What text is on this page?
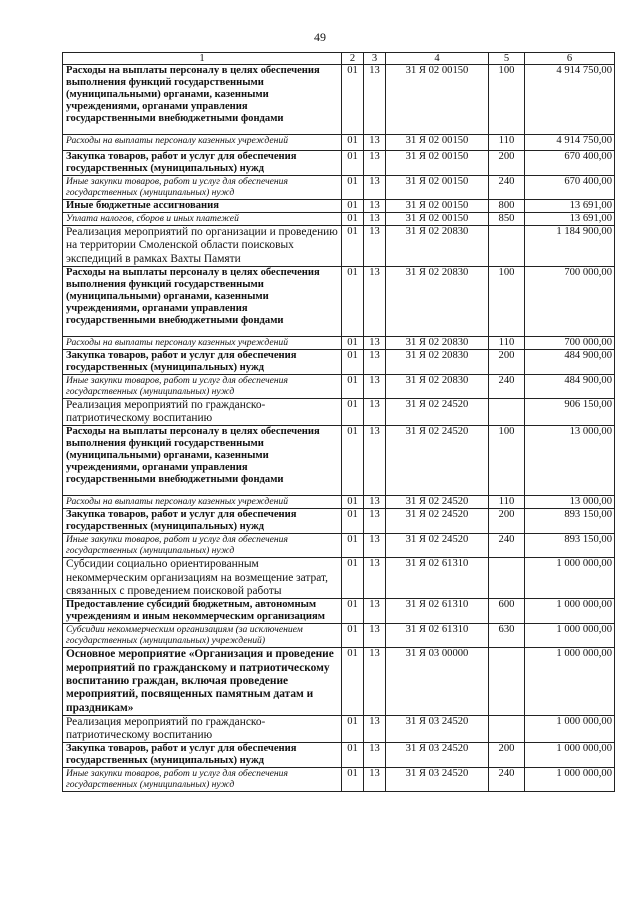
49
1	2	3	4	5	6
Расходы на выплаты персоналу в целях обеспечения выполнения функций государственными (муниципальными) органами, казенными учреждениями, органами управления государственными внебюджетными фондами	01	13	31 Я 02 00150	100	4 914 750,00
Расходы на выплаты персоналу казенных учреждений	01	13	31 Я 02 00150	110	4 914 750,00
Закупка товаров, работ и услуг для обеспечения государственных (муниципальных) нужд	01	13	31 Я 02 00150	200	670 400,00
Иные закупки товаров, работ и услуг для обеспечения государственных (муниципальных) нужд	01	13	31 Я 02 00150	240	670 400,00
Иные бюджетные ассигнования	01	13	31 Я 02 00150	800	13 691,00
Уплата налогов, сборов и иных платежей	01	13	31 Я 02 00150	850	13 691,00
Реализация мероприятий по организации и проведению на территории Смоленской области поисковых экспедиций в рамках Вахты Памяти	01	13	31 Я 02 20830		1 184 900,00
Расходы на выплаты персоналу в целях обеспечения выполнения функций государственными (муниципальными) органами, казенными учреждениями, органами управления государственными внебюджетными фондами	01	13	31 Я 02 20830	100	700 000,00
Расходы на выплаты персоналу казенных учреждений	01	13	31 Я 02 20830	110	700 000,00
Закупка товаров, работ и услуг для обеспечения государственных (муниципальных) нужд	01	13	31 Я 02 20830	200	484 900,00
Иные закупки товаров, работ и услуг для обеспечения государственных (муниципальных) нужд	01	13	31 Я 02 20830	240	484 900,00
Реализация мероприятий по гражданско-патриотическому воспитанию	01	13	31 Я 02 24520		906 150,00
Расходы на выплаты персоналу в целях обеспечения выполнения функций государственными (муниципальными) органами, казенными учреждениями, органами управления государственными внебюджетными фондами	01	13	31 Я 02 24520	100	13 000,00
Расходы на выплаты персоналу казенных учреждений	01	13	31 Я 02 24520	110	13 000,00
Закупка товаров, работ и услуг для обеспечения государственных (муниципальных) нужд	01	13	31 Я 02 24520	200	893 150,00
Иные закупки товаров, работ и услуг для обеспечения государственных (муниципальных) нужд	01	13	31 Я 02 24520	240	893 150,00
Субсидии социально ориентированным некоммерческим организациям на возмещение затрат, связанных с проведением поисковой работы	01	13	31 Я 02 61310		1 000 000,00
Предоставление субсидий бюджетным, автономным учреждениям и иным некоммерческим организациям	01	13	31 Я 02 61310	600	1 000 000,00
Субсидии некоммерческим организациям (за исключением государственных (муниципальных) учреждений)	01	13	31 Я 02 61310	630	1 000 000,00
Основное мероприятие «Организация и проведение мероприятий по гражданскому и патриотическому воспитанию граждан, включая проведение мероприятий, посвященных памятным датам и праздникам»	01	13	31 Я 03 00000		1 000 000,00
Реализация мероприятий по гражданско-патриотическому воспитанию	01	13	31 Я 03 24520		1 000 000,00
Закупка товаров, работ и услуг для обеспечения государственных (муниципальных) нужд	01	13	31 Я 03 24520	200	1 000 000,00
Иные закупки товаров, работ и услуг для обеспечения государственных (муниципальных) нужд	01	13	31 Я 03 24520	240	1 000 000,00
